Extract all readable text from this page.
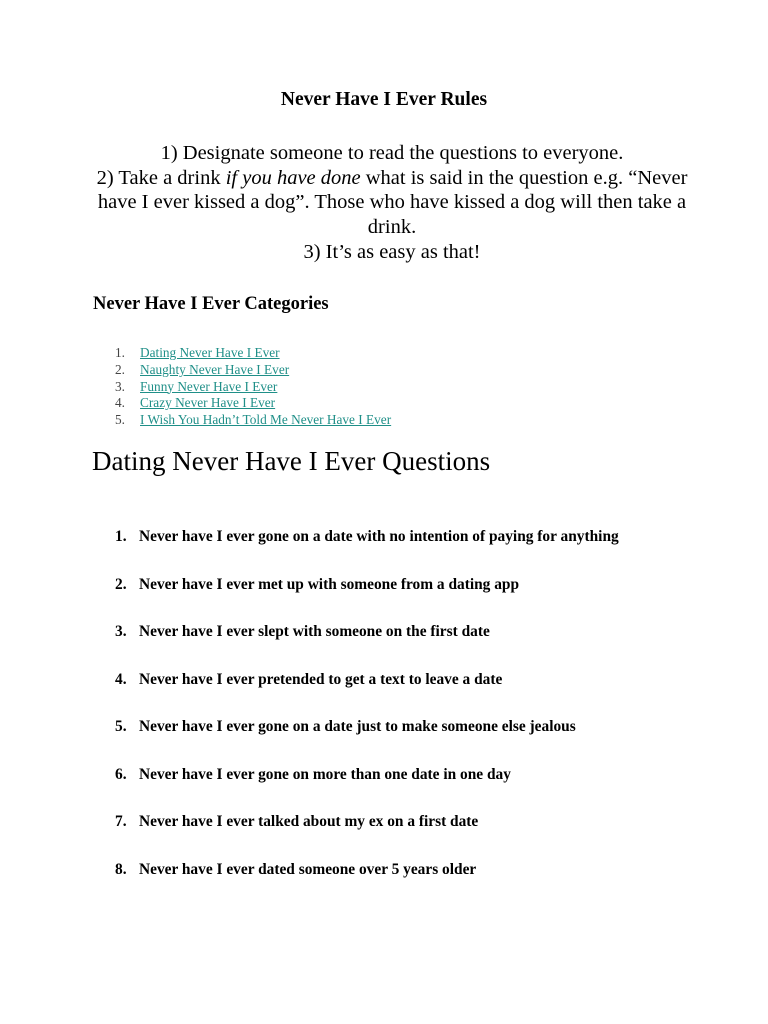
Never Have I Ever Rules

1) Designate someone to read the questions to everyone.

2) Take a drink if you have done what is said in the question e.g. “Never have I ever kissed a dog”. Those who have kissed a dog will then take a drink.

3) It’s as easy as that!

Never Have I Ever Categories
1. Dating Never Have I Ever
2. Naughty Never Have I Ever
3. Funny Never Have I Ever
4. Crazy Never Have I Ever
5. I Wish You Hadn’t Told Me Never Have I Ever
Dating Never Have I Ever Questions
1. Never have I ever gone on a date with no intention of paying for anything
2. Never have I ever met up with someone from a dating app
3. Never have I ever slept with someone on the first date
4. Never have I ever pretended to get a text to leave a date
5. Never have I ever gone on a date just to make someone else jealous
6. Never have I ever gone on more than one date in one day
7. Never have I ever talked about my ex on a first date
8. Never have I ever dated someone over 5 years older
